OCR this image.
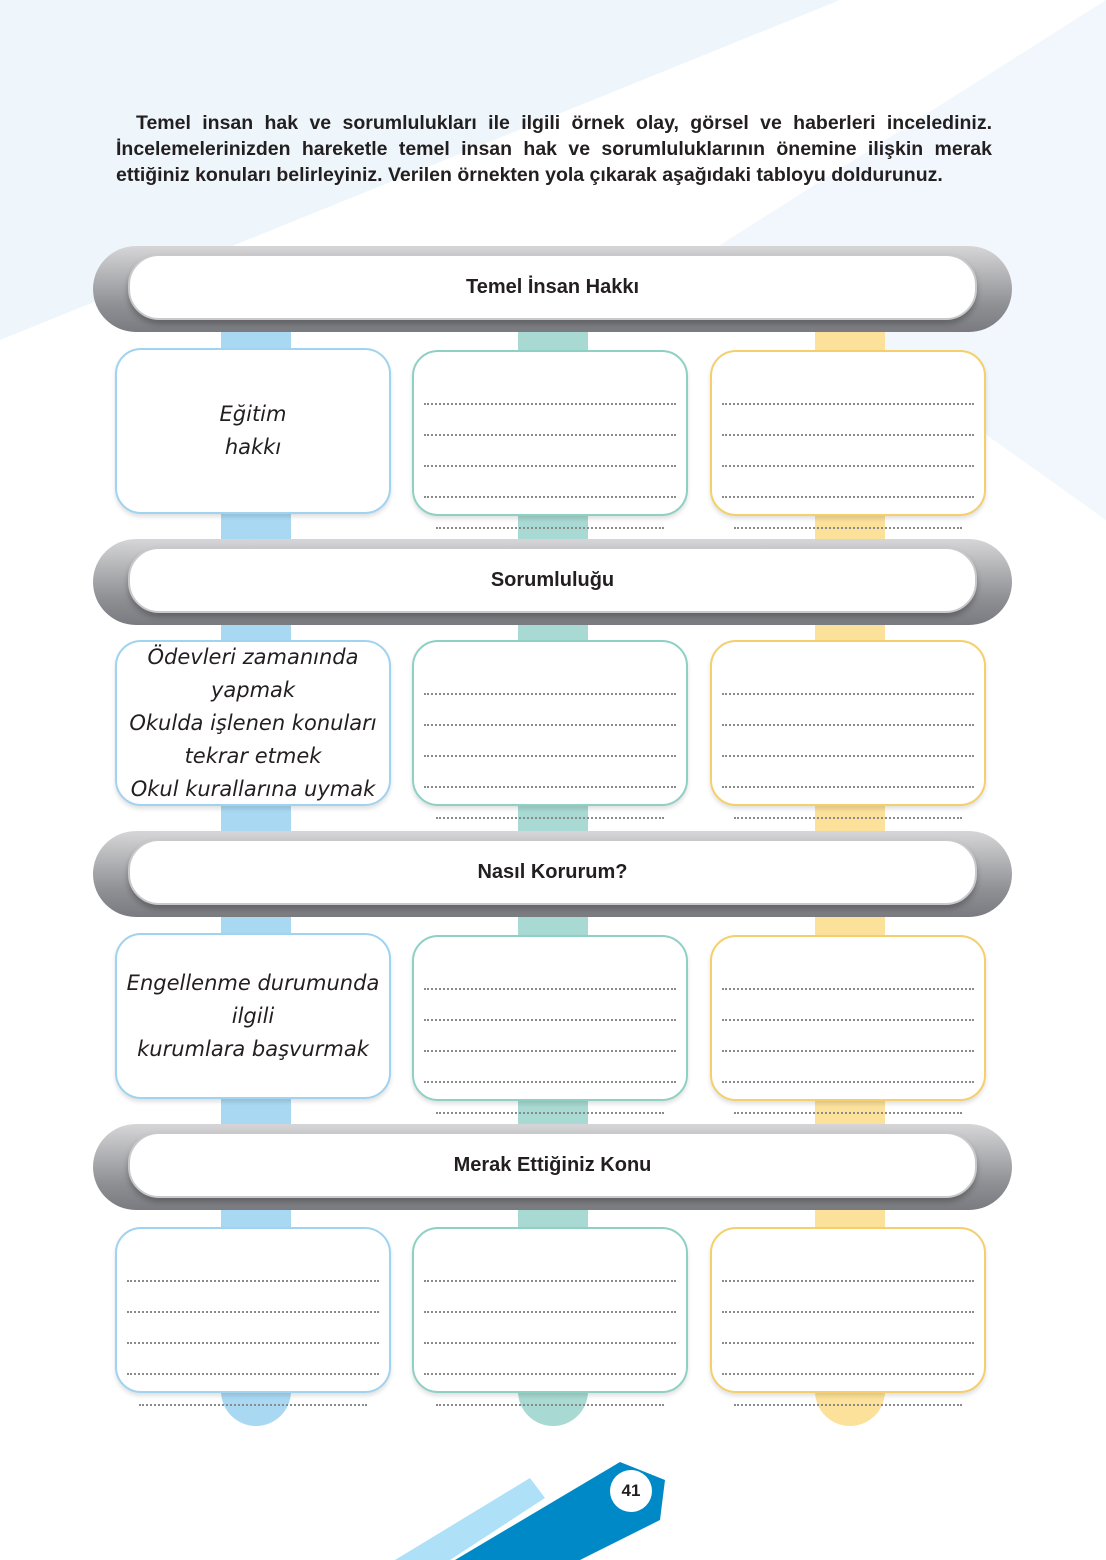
Temel insan hak ve sorumlulukları ile ilgili örnek olay, görsel ve haberleri incelediniz. İncelemelerinizden hareketle temel insan hak ve sorumluluklarının önemine ilişkin merak ettiğiniz konuları belirleyiniz. Verilen örnekten yola çıkarak aşağıdaki tabloyu doldurunuz.

Temel İnsan Hakkı
Eğitim
hakkı
Sorumluluğu
Ödevleri zamanında yapmak
Okulda işlenen konuları
tekrar etmek
Okul kurallarına uymak
Nasıl Korurum?
Engellenme durumunda ilgili
kurumlara başvurmak
Merak Ettiğiniz Konu
41
